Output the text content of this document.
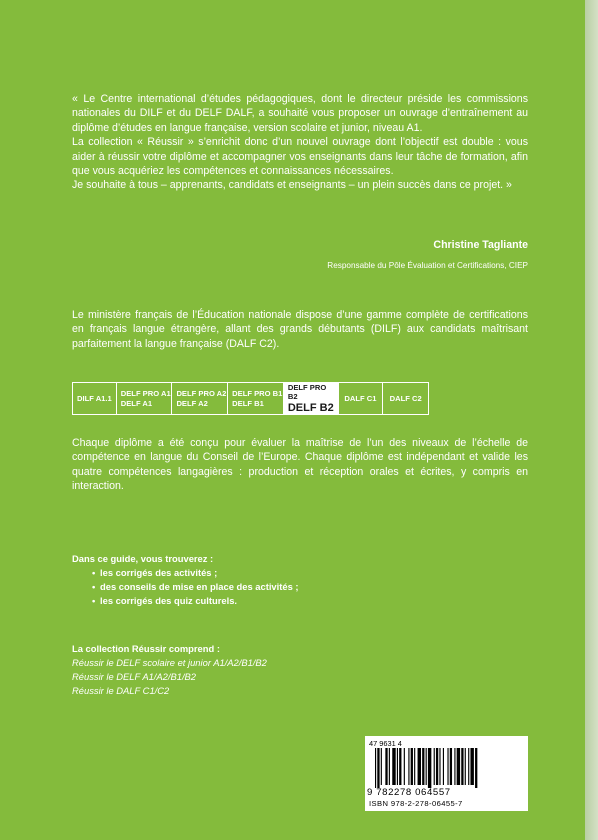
« Le Centre international d’études pédagogiques, dont le directeur préside les commissions nationales du DILF et du DELF DALF, a souhaité vous proposer un ouvrage d’entraînement au diplôme d’études en langue française, version scolaire et junior, niveau A1.

La collection « Réussir » s’enrichit donc d’un nouvel ouvrage dont l’objectif est double : vous aider à réussir votre diplôme et accompagner vos enseignants dans leur tâche de formation, afin que vous acquériez les compétences et connaissances nécessaires.

Je souhaite à tous – apprenants, candidats et enseignants – un plein succès dans ce projet. »

Christine Tagliante
Responsable du Pôle Évaluation et Certifications, CIEP
Le ministère français de l’Éducation nationale dispose d’une gamme complète de certifications en français langue étrangère, allant des grands débutants (DILF) aux candidats maîtrisant parfaitement la langue française (DALF C2).
DILF A1.1
DELF PRO A1
DELF A1
DELF PRO A2
DELF A2
DELF PRO B1
DELF B1
DELF PRO B2
DELF B2
DALF C1 DALF C2
Chaque diplôme a été conçu pour évaluer la maîtrise de l’un des niveaux de l’échelle de compétence en langue du Conseil de l’Europe. Chaque diplôme est indépendant et valide les quatre compétences langagières : production et réception orales et écrites, y compris en interaction.
Dans ce guide, vous trouverez :
• les corrigés des activités ;
• des conseils de mise en place des activités ;
• les corrigés des quiz culturels.
La collection Réussir comprend :
Réussir le DELF scolaire et junior A1/A2/B1/B2
Réussir le DELF A1/A2/B1/B2
Réussir le DALF C1/C2
47 9631 4
9 782278 064557
ISBN 978-2-278-06455-7
